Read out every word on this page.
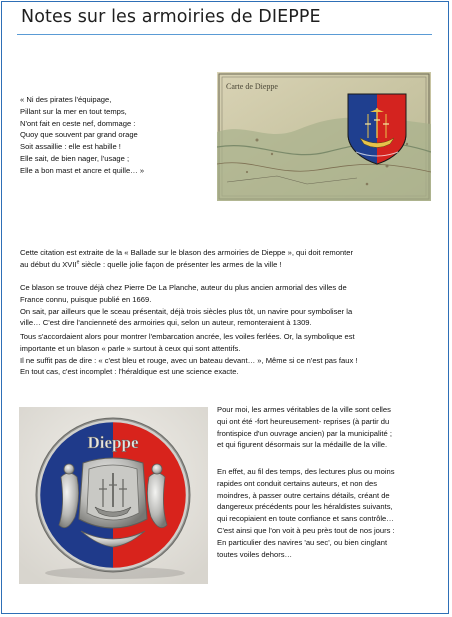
Notes sur les armoiries de DIEPPE
« Ni des pirates l'équipage,
Pillant sur la mer en tout temps,
N'ont fait en ceste nef, dommage :
Quoy que souvent par grand orage
Soit assaillie : elle est habille !
Elle sait, de bien nager, l'usage ;
Elle a bon mast et ancre et quille… »
Carte de Dieppe
Cette citation est extraite de la « Ballade sur le blason des armoiries de Dieppe », qui doit remonter
au début du XVIIe siècle : quelle jolie façon de présenter les armes de la ville !
Ce blason se trouve déjà chez Pierre De La Planche, auteur du plus ancien armorial des villes de
France connu, puisque publié en 1669.
On sait, par ailleurs que le sceau présentait, déjà trois siècles plus tôt, un navire pour symboliser la
ville… C'est dire l'ancienneté des armoiries qui, selon un auteur, remonteraient à 1309.
Tous s'accordaient alors pour montrer l'embarcation ancrée, les voiles ferlées. Or, la symbolique est
importante et un blason « parle » surtout à ceux qui sont attentifs.
Il ne suffit pas de dire : « c'est bleu et rouge, avec un bateau devant… », Même si ce n'est pas faux !
En tout cas, c'est incomplet : l'héraldique est une science exacte.
Dieppe
Pour moi, les armes véritables de la ville sont celles
qui ont été -fort heureusement- reprises (à partir du
frontispice d'un ouvrage ancien) par la municipalité ;
et qui figurent désormais sur la médaille de la ville.
En effet, au fil des temps, des lectures plus ou moins
rapides ont conduit certains auteurs, et non des
moindres, à passer outre certains détails, créant de
dangereux précédents pour les héraldistes suivants,
qui recopiaient en toute confiance et sans contrôle…
C'est ainsi que l'on voit à peu près tout de nos jours :
En particulier des navires 'au sec', ou bien cinglant
toutes voiles dehors…
